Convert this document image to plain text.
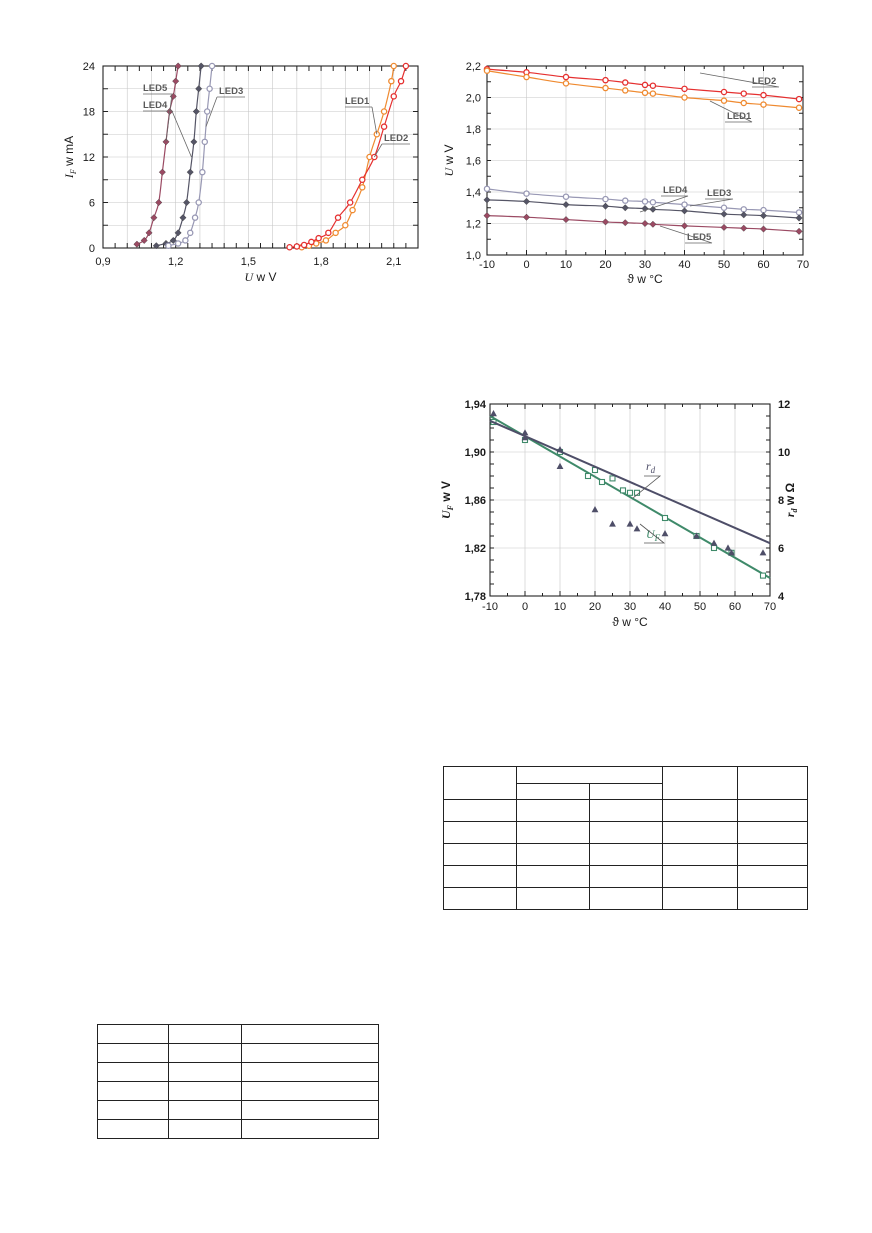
0,9	1,2	1,5	1,8	2,1
0
6
12
18
24
U w V
$I_F$ w mA
LED5
LED4
LED3
LED1
LED2
-10	0	10 20 30 40 50 60 70
1,0
1,2
1,4
1,6
1,8
2,0
2,2
ϑ w °C
U w V
LED2
LED1
LED4 LED3
LED5
-10 0 10 20 30 40 50 60 70
1,78
1,82
1,86
1,90
1,94
4
6
8
10
12
ϑ w °C
$U_F$ w V
$r_d$ w Ω
$r_d$
$U_F$
